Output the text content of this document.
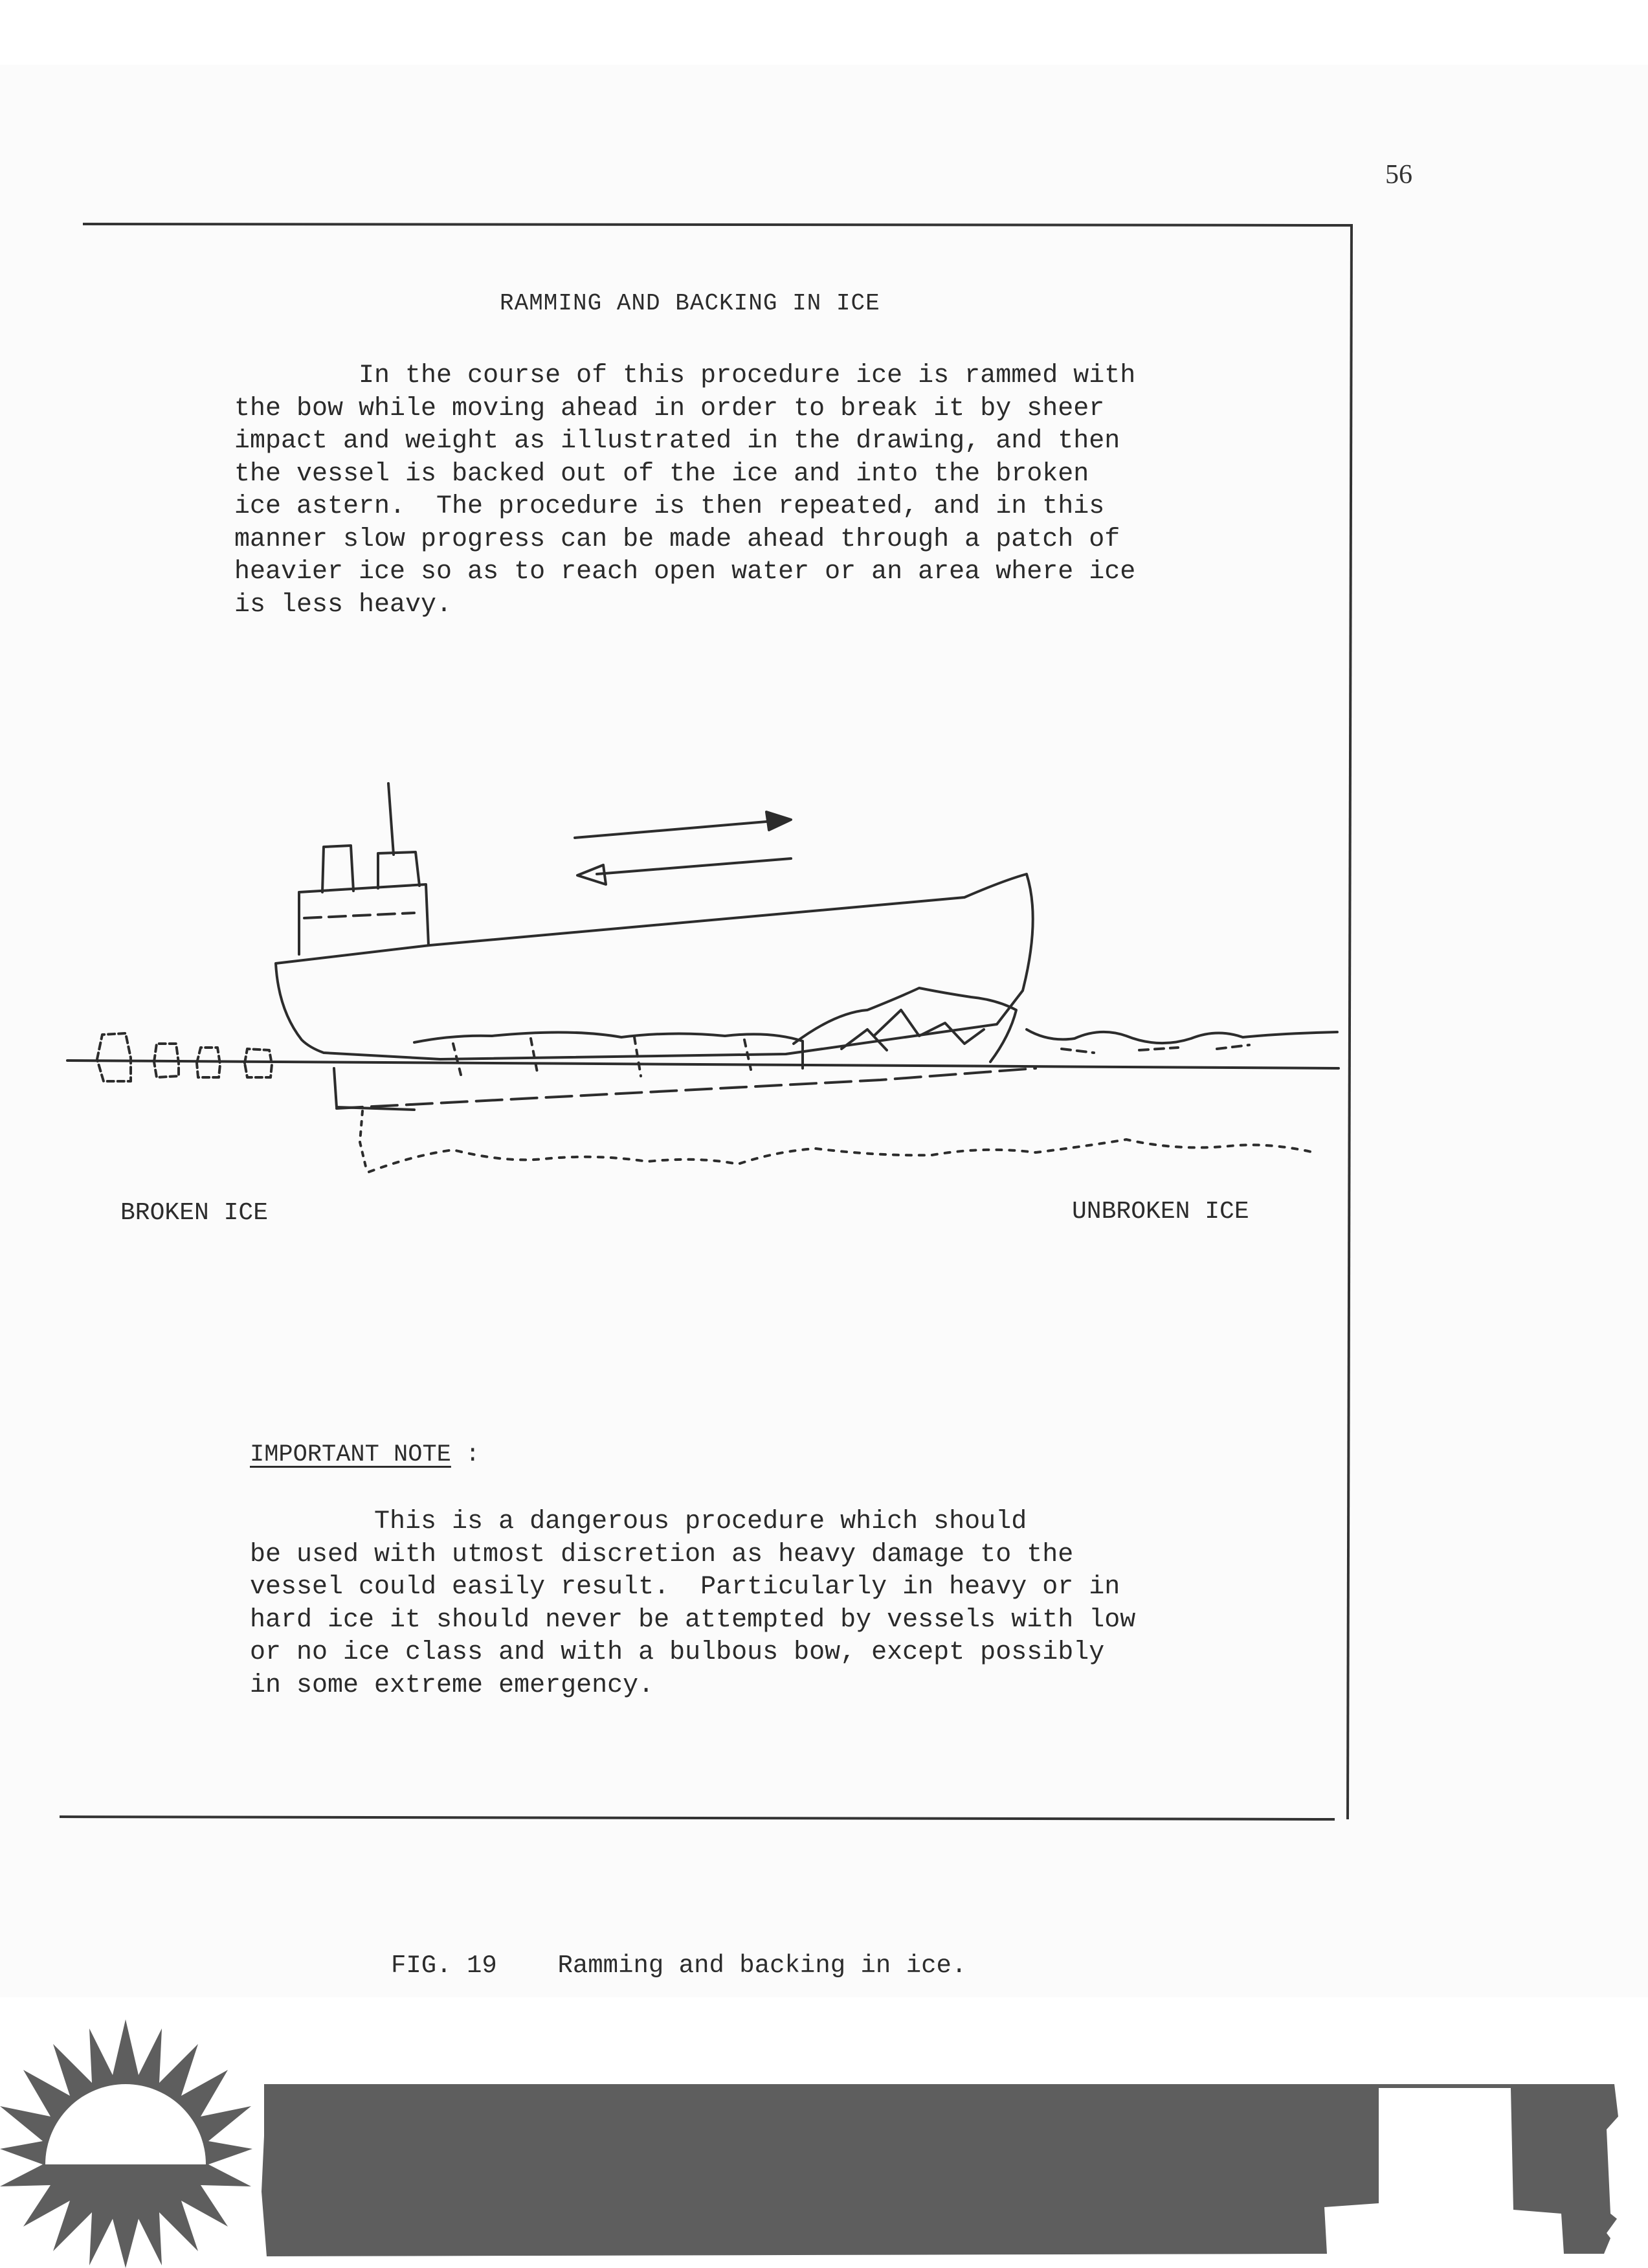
56
RAMMING AND BACKING IN ICE
In the course of this procedure ice is rammed with
the bow while moving ahead in order to break it by sheer
impact and weight as illustrated in the drawing, and then
the vessel is backed out of the ice and into the broken
ice astern.  The procedure is then repeated, and in this
manner slow progress can be made ahead through a patch of
heavier ice so as to reach open water or an area where ice
is less heavy.
BROKEN ICE	UNBROKEN ICE
IMPORTANT NOTE :
This is a dangerous procedure which should
be used with utmost discretion as heavy damage to the
vessel could easily result.  Particularly in heavy or in
hard ice it should never be attempted by vessels with low
or no ice class and with a bulbous bow, except possibly
in some extreme emergency.
FIG. 19 Ramming and backing in ice.
